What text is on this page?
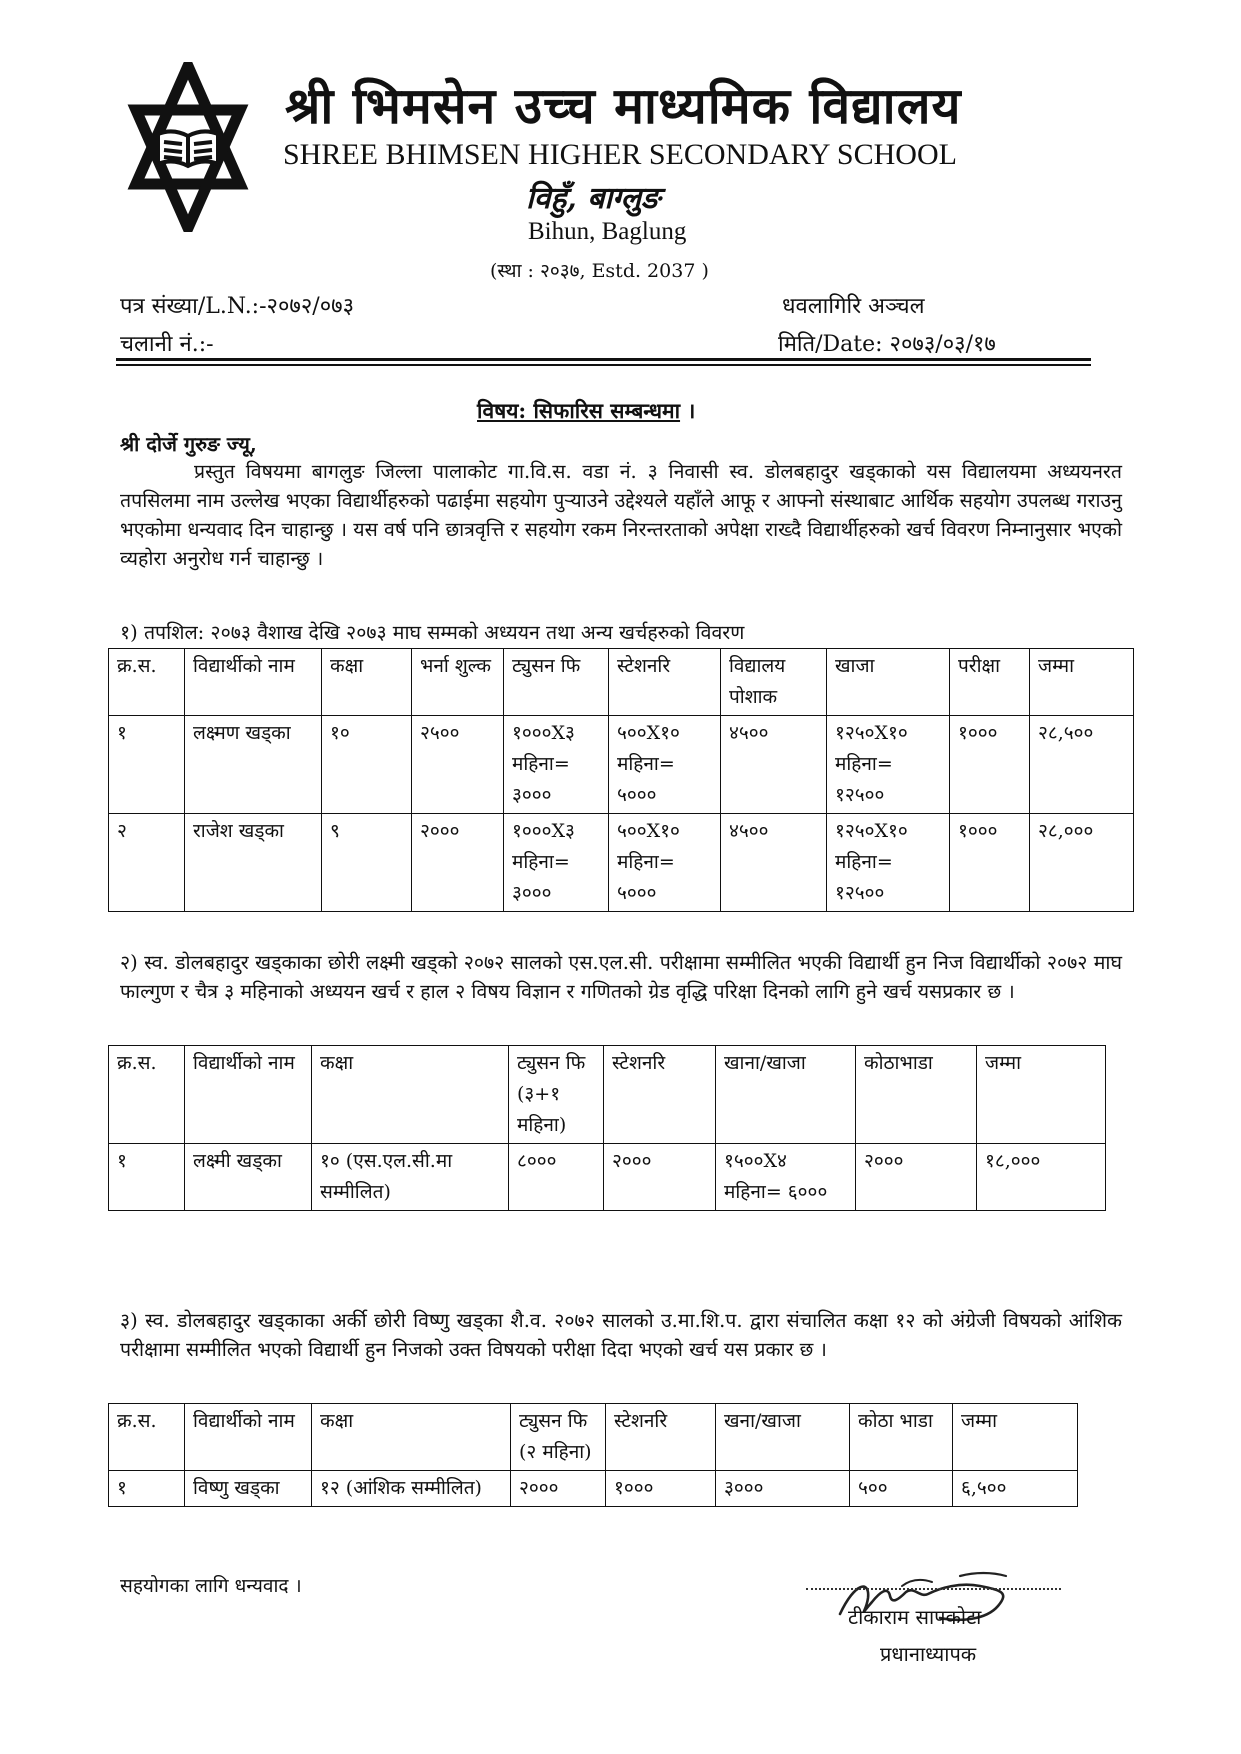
श्री भिमसेन उच्च माध्यमिक विद्यालय
SHREE BHIMSEN HIGHER SECONDARY SCHOOL
विहुँ, बाग्लुङ
Bihun, Baglung
(स्था : २०३७, Estd. 2037 )
पत्र संख्या/L.N.:-२०७२/०७३
चलानी नं.:-
धवलागिरि अञ्चल
मिति/Date: २०७३/०३/१७
विषय: सिफारिस सम्बन्धमा ।
श्री दोर्जे गुरुङ ज्यू,
प्रस्तुत विषयमा बागलुङ जिल्ला पालाकोट गा.वि.स. वडा नं. ३ निवासी स्व. डोलबहादुर खड्काको यस विद्यालयमा अध्ययनरत तपसिलमा नाम उल्लेख भएका विद्यार्थीहरुको पढाईमा सहयोग पुर्‍याउने उद्देश्यले यहाँले आफू र आफ्नो संस्थाबाट आर्थिक सहयोग उपलब्ध गराउनु भएकोमा धन्यवाद दिन चाहान्छु । यस वर्ष पनि छात्रवृत्ति र सहयोग रकम निरन्तरताको अपेक्षा राख्दै विद्यार्थीहरुको खर्च विवरण निम्नानुसार भएको व्यहोरा अनुरोध गर्न चाहान्छु ।
१) तपशिल: २०७३ वैशाख देखि २०७३ माघ सम्मको अध्ययन तथा अन्य खर्चहरुको विवरण
क्र.स.	विद्यार्थीको नाम	कक्षा	भर्ना शुल्क	ट्युसन फि	स्टेशनरि	विद्यालय पोशाक	खाजा	परीक्षा	जम्मा
१	लक्ष्मण खड्का	१०	२५००	१०००X३ महिना= ३०००	५००X१० महिना= ५०००	४५००	१२५०X१० महिना= १२५००	१०००	२८,५००
२	राजेश खड्का	९	२०००	१०००X३ महिना= ३०००	५००X१० महिना= ५०००	४५००	१२५०X१० महिना= १२५००	१०००	२८,०००
२) स्व. डोलबहादुर खड्काका छोरी लक्ष्मी खड्को २०७२ सालको एस.एल.सी. परीक्षामा सम्मीलित भएकी विद्यार्थी हुन निज विद्यार्थीको २०७२ माघ फाल्गुण र चैत्र ३ महिनाको अध्ययन खर्च र हाल २ विषय विज्ञान र गणितको ग्रेड वृद्धि परिक्षा दिनको लागि हुने खर्च यसप्रकार छ ।
क्र.स.	विद्यार्थीको नाम	कक्षा	ट्युसन फि (३+१ महिना)	स्टेशनरि	खाना/खाजा	कोठाभाडा	जम्मा
१	लक्ष्मी खड्का	१० (एस.एल.सी.मा सम्मीलित)	८०००	२०००	१५००X४ महिना= ६०००	२०००	१८,०००
३) स्व. डोलबहादुर खड्काका अर्की छोरी विष्णु खड्का शै.व. २०७२ सालको उ.मा.शि.प. द्वारा संचालित कक्षा १२ को अंग्रेजी विषयको आंशिक परीक्षामा सम्मीलित भएको विद्यार्थी हुन निजको उक्त विषयको परीक्षा दिदा भएको खर्च यस प्रकार छ ।
क्र.स.	विद्यार्थीको नाम	कक्षा	ट्युसन फि (२ महिना)	स्टेशनरि	खना/खाजा	कोठा भाडा	जम्मा
१	विष्णु खड्का	१२ (आंशिक सम्मीलित)	२०००	१०००	३०००	५००	६,५००
सहयोगका लागि धन्यवाद ।
टीकाराम सापकोटा
प्रधानाध्यापक
